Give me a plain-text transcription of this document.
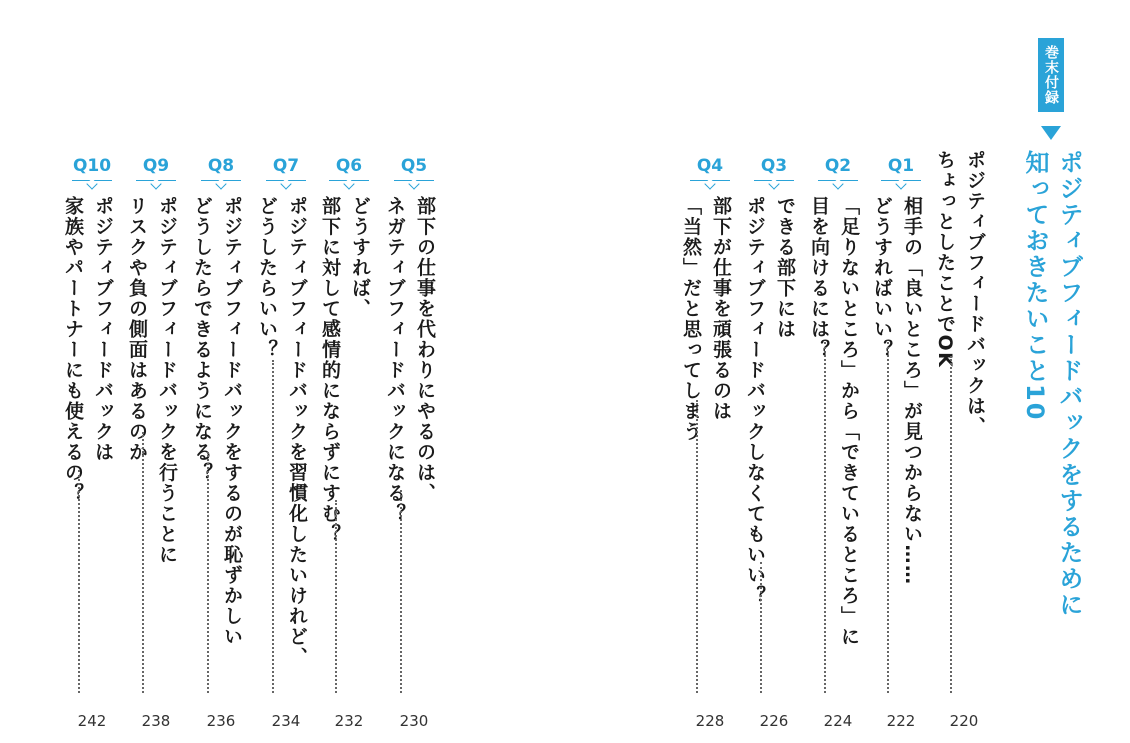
巻末付録
ポジティブフィードバックをするために
知っておきたいこと10
ポジティブフィードバックは、
ちょっとしたことでOK
220
Q1
相手の「良いところ」が見つからない……
どうすればいい？
222
Q2
「足りないところ」から「できているところ」に
目を向けるには？
224
Q3
できる部下には
ポジティブフィードバックしなくてもいい？
226
Q4
部下が仕事を頑張るのは
「当然」だと思ってしまう
228
Q5
部下の仕事を代わりにやるのは、
ネガティブフィードバックになる？
230
Q6
どうすれば、
部下に対して感情的にならずにすむ？
232
Q7
ポジティブフィードバックを習慣化したいけれど、
どうしたらいい？
234
Q8
ポジティブフィードバックをするのが恥ずかしい
どうしたらできるようになる？
236
Q9
ポジティブフィードバックを行うことに
リスクや負の側面はあるのか
238
Q10
ポジティブフィードバックは
家族やパートナーにも使えるの？
242
